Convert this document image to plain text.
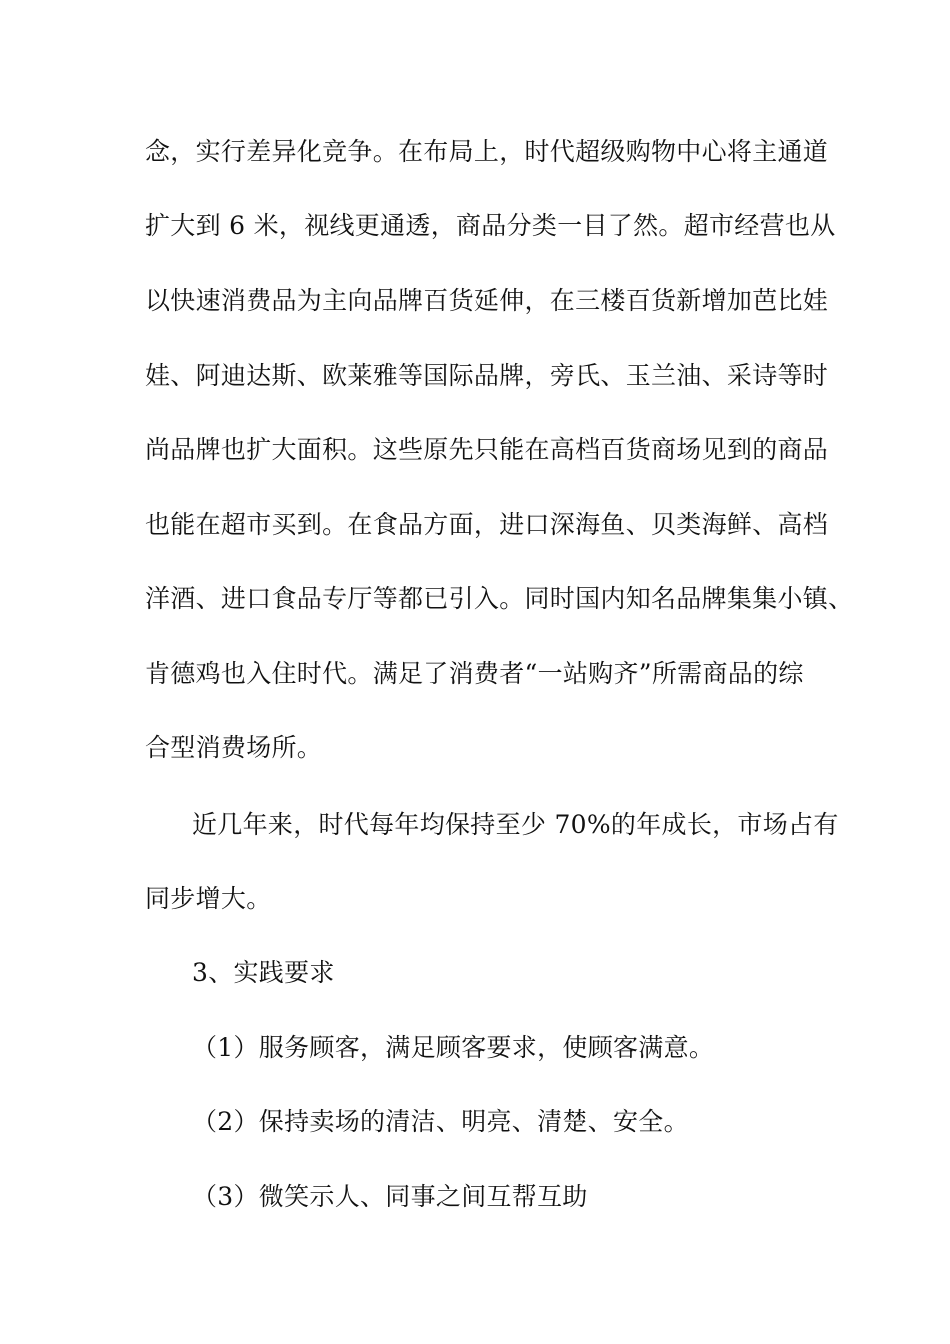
念，实行差异化竞争。在布局上，时代超级购物中心将主通道
扩大到 6 米，视线更通透，商品分类一目了然。超市经营也从
以快速消费品为主向品牌百货延伸，在三楼百货新增加芭比娃
娃、阿迪达斯、欧莱雅等国际品牌，旁氏、玉兰油、采诗等时
尚品牌也扩大面积。这些原先只能在高档百货商场见到的商品
也能在超市买到。在食品方面，进口深海鱼、贝类海鲜、高档
洋酒、进口食品专厅等都已引入。同时国内知名品牌集集小镇、
肯德鸡也入住时代。满足了消费者“一站购齐”所需商品的综
合型消费场所。
近几年来，时代每年均保持至少 70%的年成长，市场占有
同步增大。
3、实践要求
（1）服务顾客，满足顾客要求，使顾客满意。
（2）保持卖场的清洁、明亮、清楚、安全。
（3）微笑示人、同事之间互帮互助
